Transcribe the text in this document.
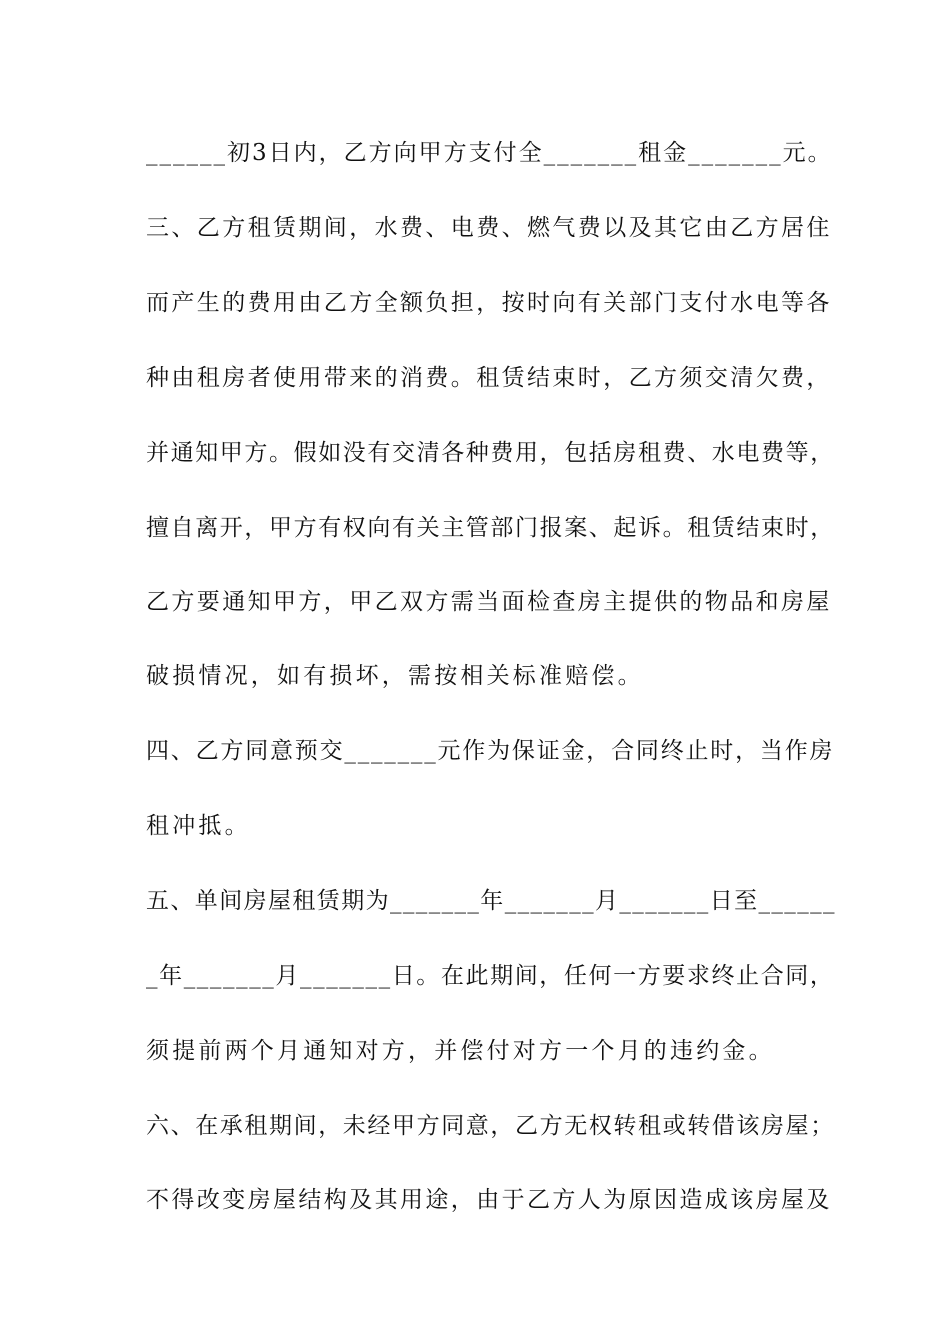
______初3日内，乙方向甲方支付全_______租金_______元。
三、乙方租赁期间，水费、电费、燃气费以及其它由乙方居住
而产生的费用由乙方全额负担，按时向有关部门支付水电等各
种由租房者使用带来的消费。租赁结束时，乙方须交清欠费，
并通知甲方。假如没有交清各种费用，包括房租费、水电费等，
擅自离开，甲方有权向有关主管部门报案、起诉。租赁结束时，
乙方要通知甲方，甲乙双方需当面检查房主提供的物品和房屋
破损情况，如有损坏，需按相关标准赔偿。
四、乙方同意预交_______元作为保证金，合同终止时，当作房
租冲抵。
五、单间房屋租赁期为_______年_______月_______日至______
_年_______月_______日。在此期间，任何一方要求终止合同，
须提前两个月通知对方，并偿付对方一个月的违约金。
六、在承租期间，未经甲方同意，乙方无权转租或转借该房屋；
不得改变房屋结构及其用途，由于乙方人为原因造成该房屋及
